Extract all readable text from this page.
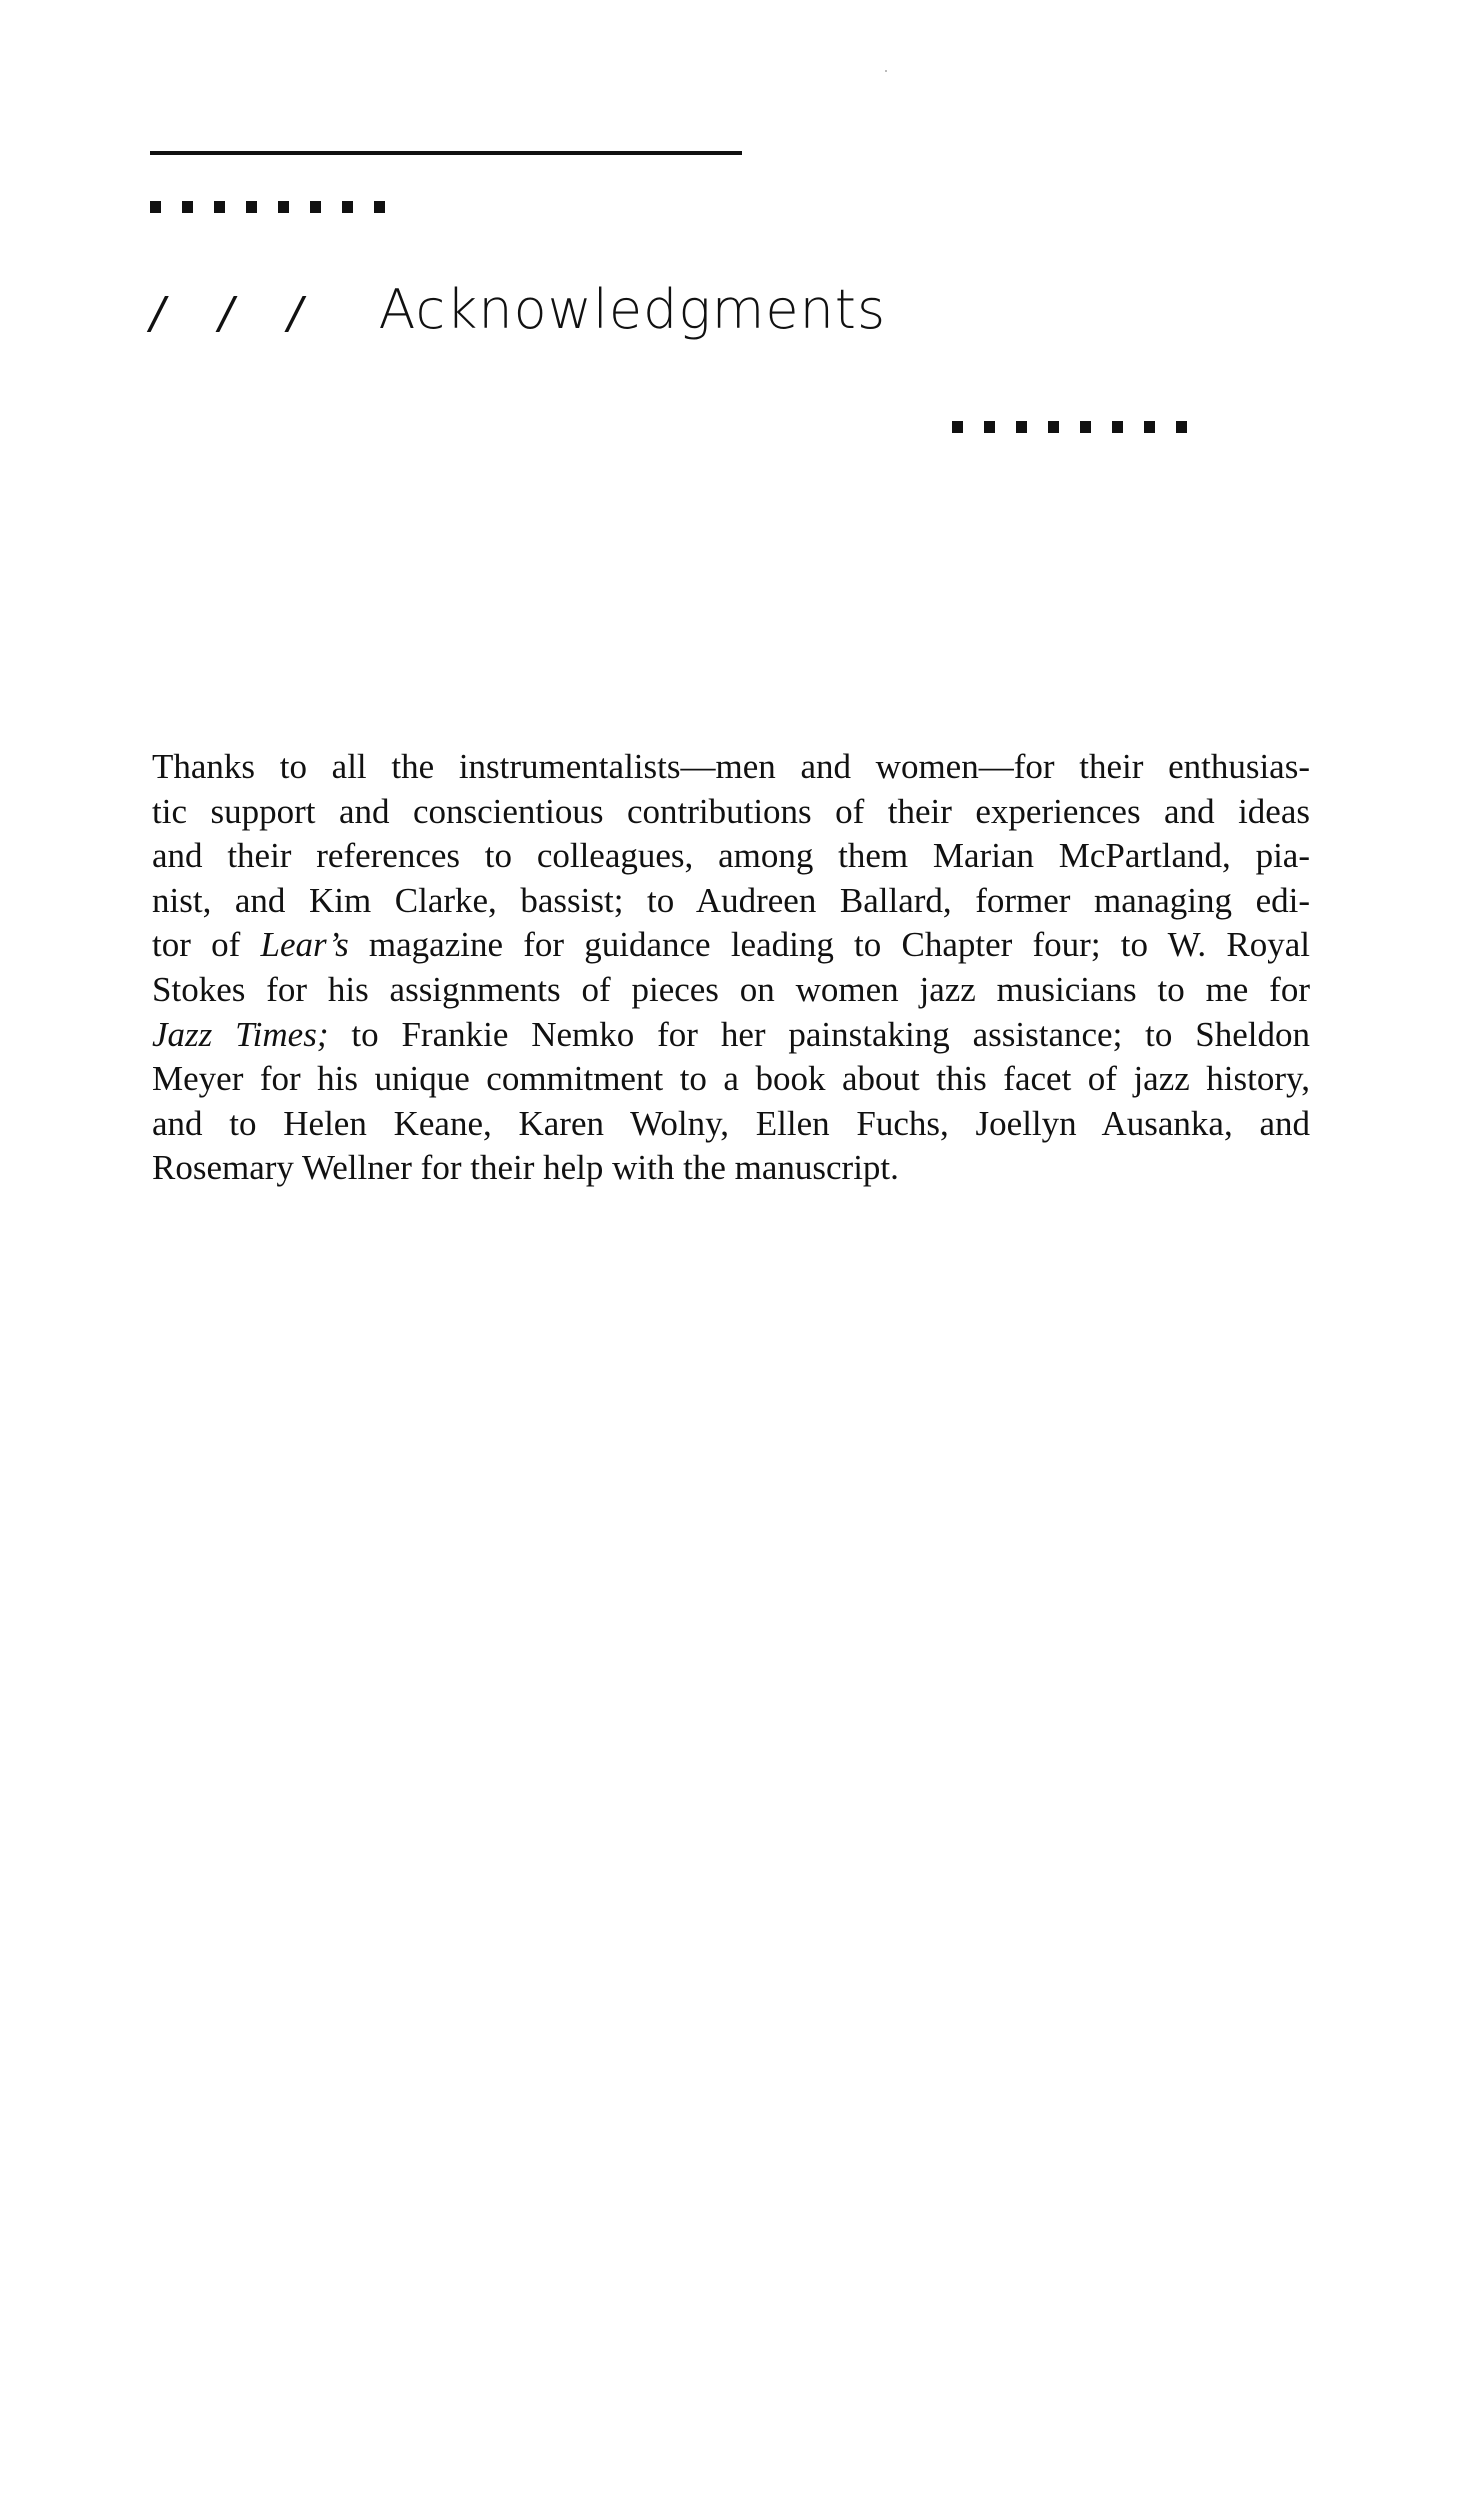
/ / / Acknowledgments
Thanks to all the instrumentalists—men and women—for their enthusias-
tic support and conscientious contributions of their experiences and ideas
and their references to colleagues, among them Marian McPartland, pia-
nist, and Kim Clarke, bassist; to Audreen Ballard, former managing edi-
tor of Lear’s magazine for guidance leading to Chapter four; to W. Royal
Stokes for his assignments of pieces on women jazz musicians to me for
Jazz Times; to Frankie Nemko for her painstaking assistance; to Sheldon
Meyer for his unique commitment to a book about this facet of jazz history,
and to Helen Keane, Karen Wolny, Ellen Fuchs, Joellyn Ausanka, and
Rosemary Wellner for their help with the manuscript.
